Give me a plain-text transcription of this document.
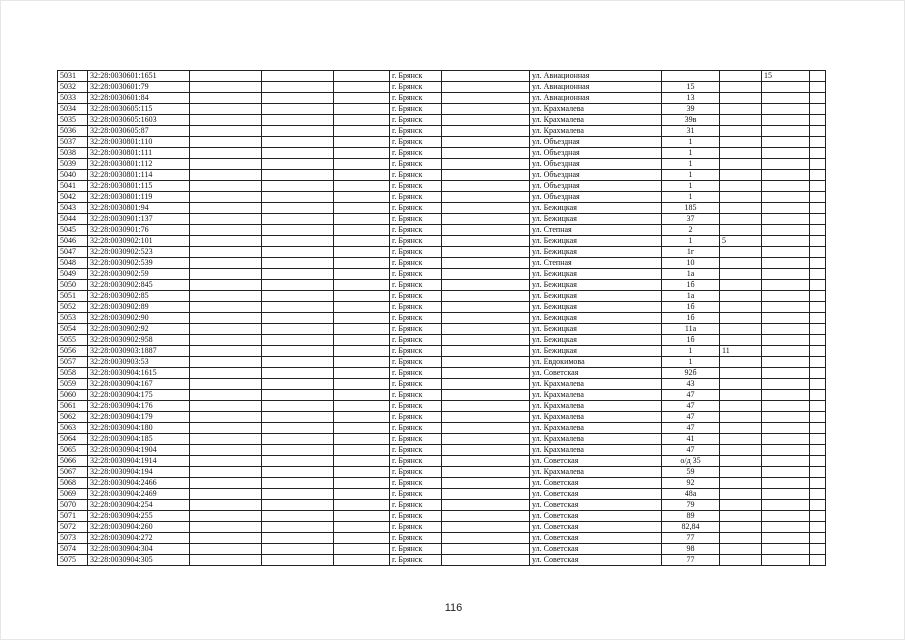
5031	32:28:0030601:1651				г. Брянск		ул. Авиационная			15	
5032	32:28:0030601:79				г. Брянск		ул. Авиационная	15			
5033	32:28:0030601:84				г. Брянск		ул. Авиационная	13			
5034	32:28:0030605:115				г. Брянск		ул. Крахмалева	39			
5035	32:28:0030605:1603				г. Брянск		ул. Крахмалева	39в			
5036	32:28:0030605:87				г. Брянск		ул. Крахмалева	31			
5037	32:28:0030801:110				г. Брянск		ул. Объездная	1			
5038	32:28:0030801:111				г. Брянск		ул. Объездная	1			
5039	32:28:0030801:112				г. Брянск		ул. Объездная	1			
5040	32:28:0030801:114				г. Брянск		ул. Объездная	1			
5041	32:28:0030801:115				г. Брянск		ул. Объездная	1			
5042	32:28:0030801:119				г. Брянск		ул. Объездная	1			
5043	32:28:0030801:94				г. Брянск		ул. Бежицкая	185			
5044	32:28:0030901:137				г. Брянск		ул. Бежицкая	37			
5045	32:28:0030901:76				г. Брянск		ул. Степная	2			
5046	32:28:0030902:101				г. Брянск		ул. Бежицкая	1	5		
5047	32:28:0030902:523				г. Брянск		ул. Бежицкая	1г			
5048	32:28:0030902:539				г. Брянск		ул. Степная	10			
5049	32:28:0030902:59				г. Брянск		ул. Бежицкая	1а			
5050	32:28:0030902:845				г. Брянск		ул. Бежицкая	1б			
5051	32:28:0030902:85				г. Брянск		ул. Бежицкая	1а			
5052	32:28:0030902:89				г. Брянск		ул. Бежицкая	1б			
5053	32:28:0030902:90				г. Брянск		ул. Бежицкая	1б			
5054	32:28:0030902:92				г. Брянск		ул. Бежицкая	11а			
5055	32:28:0030902:958				г. Брянск		ул. Бежицкая	1б			
5056	32:28:0030903:1887				г. Брянск		ул. Бежицкая	1	11		
5057	32:28:0030903:53				г. Брянск		ул. Евдокимова	1			
5058	32:28:0030904:1615				г. Брянск		ул. Советская	92б			
5059	32:28:0030904:167				г. Брянск		ул. Крахмалева	43			
5060	32:28:0030904:175				г. Брянск		ул. Крахмалева	47			
5061	32:28:0030904:176				г. Брянск		ул. Крахмалева	47			
5062	32:28:0030904:179				г. Брянск		ул. Крахмалева	47			
5063	32:28:0030904:180				г. Брянск		ул. Крахмалева	47			
5064	32:28:0030904:185				г. Брянск		ул. Крахмалева	41			
5065	32:28:0030904:1904				г. Брянск		ул. Крахмалева	47			
5066	32:28:0030904:1914				г. Брянск		ул. Советская	о/д 35			
5067	32:28:0030904:194				г. Брянск		ул. Крахмалева	59			
5068	32:28:0030904:2466				г. Брянск		ул. Советская	92			
5069	32:28:0030904:2469				г. Брянск		ул. Советская	48а			
5070	32:28:0030904:254				г. Брянск		ул. Советская	79			
5071	32:28:0030904:255				г. Брянск		ул. Советская	89			
5072	32:28:0030904:260				г. Брянск		ул. Советская	82,84			
5073	32:28:0030904:272				г. Брянск		ул. Советская	77			
5074	32:28:0030904:304				г. Брянск		ул. Советская	98			
5075	32:28:0030904:305				г. Брянск		ул. Советская	77			
116
